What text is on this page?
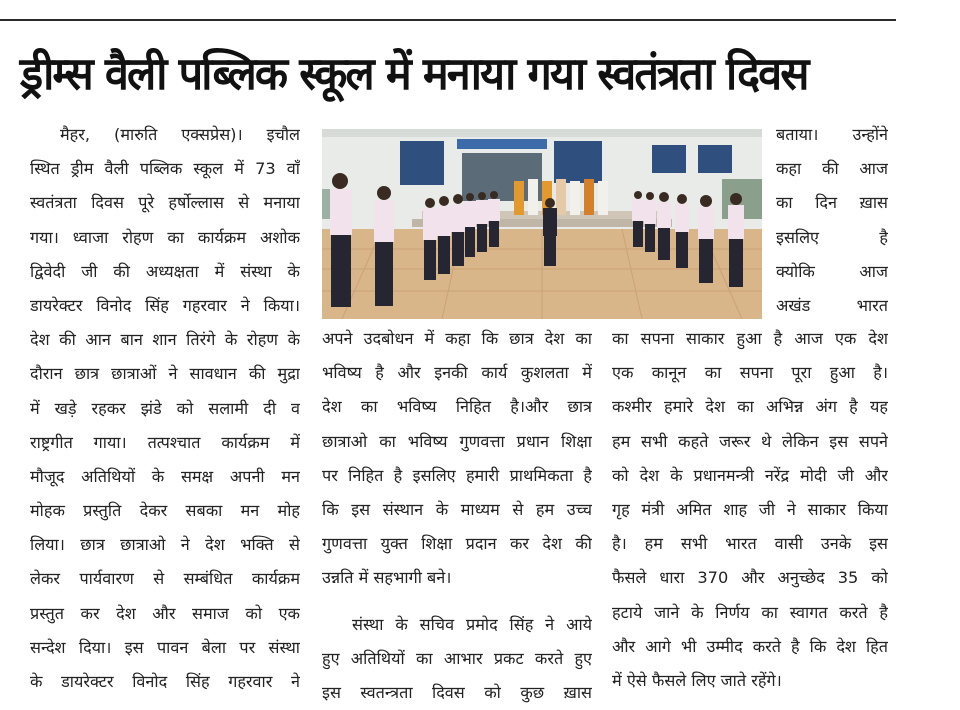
ड्रीम्स वैली पब्लिक स्कूल में मनाया गया स्वतंत्रता दिवस
मैहर, (मारुति एक्सप्रेस)। इचौल
स्थित ड्रीम वैली पब्लिक स्कूल में 73 वाँ
स्वतंत्रता दिवस पूरे हर्षोल्लास से मनाया
गया। ध्वाजा रोहण का कार्यक्रम अशोक
द्विवेदी जी की अध्यक्षता में संस्था के
डायरेक्टर विनोद सिंह गहरवार ने किया।
देश की आन बान शान तिरंगे के रोहण के
दौरान छात्र छात्राओं ने सावधान की मुद्रा
में खड़े रहकर झंडे को सलामी दी व
राष्ट्रगीत गाया। तत्पश्चात कार्यक्रम में
मौजूद अतिथियों के समक्ष अपनी मन
मोहक प्रस्तुति देकर सबका मन मोह
लिया। छात्र छात्राओ ने देश भक्ति से
लेकर पार्यवारण से सम्बंधित कार्यक्रम
प्रस्तुत कर देश और समाज को एक
सन्देश दिया। इस पावन बेला पर संस्था
के डायरेक्टर विनोद सिंह गहरवार ने
बताया। उन्होंने
कहा की आज
का दिन ख़ास
इसलिए है
क्योकि आज
अखंड भारत
अपने उदबोधन में कहा कि छात्र देश का
भविष्य है और इनकी कार्य कुशलता में
देश का भविष्य निहित है।और छात्र
छात्राओ का भविष्य गुणवत्ता प्रधान शिक्षा
पर निहित है इसलिए हमारी प्राथमिकता है
कि इस संस्थान के माध्यम से हम उच्च
गुणवत्ता युक्त शिक्षा प्रदान कर देश की
उन्नति में सहभागी बने।
संस्था के सचिव प्रमोद सिंह ने आये
हुए अतिथियों का आभार प्रकट करते हुए
इस स्वतन्त्रता दिवस को कुछ ख़ास
का सपना साकार हुआ है आज एक देश
एक कानून का सपना पूरा हुआ है।
कश्मीर हमारे देश का अभिन्न अंग है यह
हम सभी कहते जरूर थे लेकिन इस सपने
को देश के प्रधानमन्त्री नरेंद्र मोदी जी और
गृह मंत्री अमित शाह जी ने साकार किया
है। हम सभी भारत वासी उनके इस
फैसले धारा 370 और अनुच्छेद 35 को
हटाये जाने के निर्णय का स्वागत करते है
और आगे भी उम्मीद करते है कि देश हित
में ऐसे फैसले लिए जाते रहेंगे।
